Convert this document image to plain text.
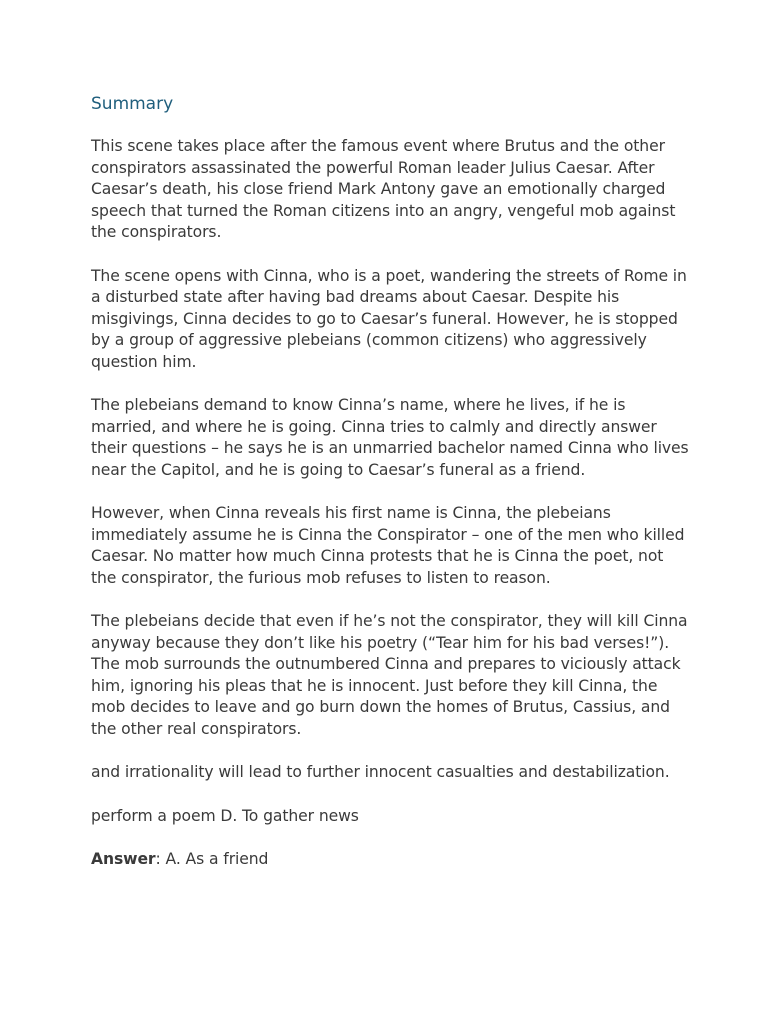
Summary

This scene takes place after the famous event where Brutus and the other conspirators assassinated the powerful Roman leader Julius Caesar. After Caesar’s death, his close friend Mark Antony gave an emotionally charged speech that turned the Roman citizens into an angry, vengeful mob against the conspirators.

The scene opens with Cinna, who is a poet, wandering the streets of Rome in a disturbed state after having bad dreams about Caesar. Despite his misgivings, Cinna decides to go to Caesar’s funeral. However, he is stopped by a group of aggressive plebeians (common citizens) who aggressively question him.

The plebeians demand to know Cinna’s name, where he lives, if he is married, and where he is going. Cinna tries to calmly and directly answer their questions – he says he is an unmarried bachelor named Cinna who lives near the Capitol, and he is going to Caesar’s funeral as a friend.

However, when Cinna reveals his first name is Cinna, the plebeians immediately assume he is Cinna the Conspirator – one of the men who killed Caesar. No matter how much Cinna protests that he is Cinna the poet, not the conspirator, the furious mob refuses to listen to reason.

The plebeians decide that even if he’s not the conspirator, they will kill Cinna anyway because they don’t like his poetry (“Tear him for his bad verses!”). The mob surrounds the outnumbered Cinna and prepares to viciously attack him, ignoring his pleas that he is innocent. Just before they kill Cinna, the mob decides to leave and go burn down the homes of Brutus, Cassius, and the other real conspirators.

and irrationality will lead to further innocent casualties and destabilization.

perform a poem D. To gather news

Answer: A. As a friend
